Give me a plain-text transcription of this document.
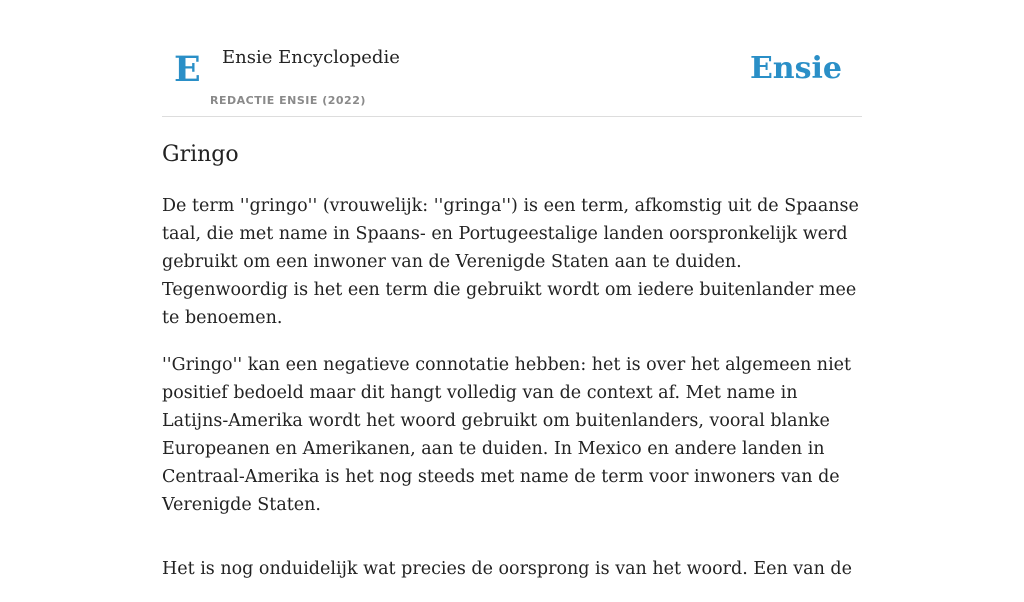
E Ensie Encyclopedie
REDACTIE ENSIE (2022)
Ensie
Gringo

De term ''gringo'' (vrouwelijk: ''gringa'') is een term, afkomstig uit de Spaanse taal, die met name in Spaans- en Portugeestalige landen oorspronkelijk werd gebruikt om een inwoner van de Verenigde Staten aan te duiden. Tegenwoordig is het een term die gebruikt wordt om iedere buitenlander mee te benoemen.

''Gringo'' kan een negatieve connotatie hebben: het is over het algemeen niet positief bedoeld maar dit hangt volledig van de context af. Met name in Latijns-Amerika wordt het woord gebruikt om buitenlanders, vooral blanke Europeanen en Amerikanen, aan te duiden. In Mexico en andere landen in Centraal-Amerika is het nog steeds met name de term voor inwoners van de Verenigde Staten.

Het is nog onduidelijk wat precies de oorsprong is van het woord. Een van de
